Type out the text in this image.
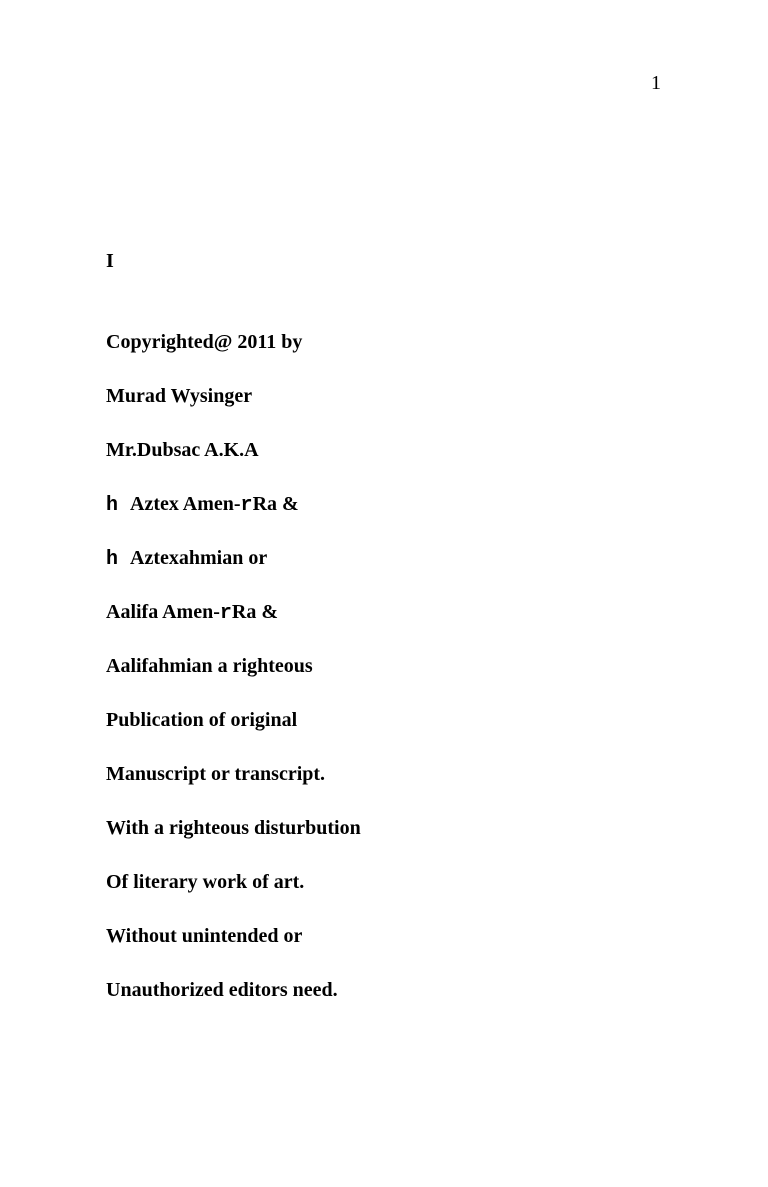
1
I
Copyrighted@ 2011 by
Murad Wysinger
Mr.Dubsac A.K.A
h Aztex Amen-rRa &
h Aztexahmian or
Aalifa Amen-rRa &
Aalifahmian a righteous
Publication of original
Manuscript or transcript.
With a righteous disturbution
Of literary work of art.
Without unintended or
Unauthorized editors need.
